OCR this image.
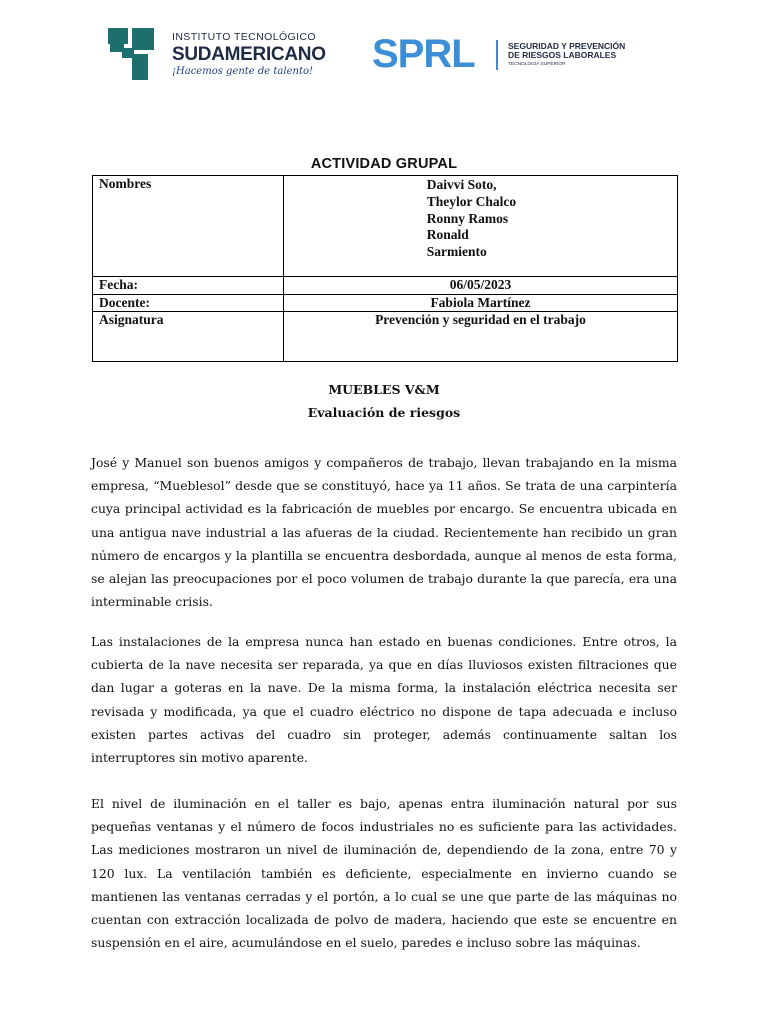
INSTITUTO TECNOLÓGICO
SUDAMERICANO
¡Hacemos gente de talento!	SPRL	SEGURIDAD Y PREVENCIÓN
DE RIESGOS LABORALES
TECNOLOGÍA SUPERIOR
ACTIVIDAD GRUPAL
Nombres	Daivvi Soto,
Theylor Chalco
Ronny Ramos
Ronald
Sarmiento

Fecha:	06/05/2023
Docente:	Fabiola Martínez
Asignatura	Prevención y seguridad en el trabajo
MUEBLES V&M
Evaluación de riesgos

José y Manuel son buenos amigos y compañeros de trabajo, llevan trabajando en la misma empresa, “Mueblesol” desde que se constituyó, hace ya 11 años. Se trata de una carpintería cuya principal actividad es la fabricación de muebles por encargo. Se encuentra ubicada en una antigua nave industrial a las afueras de la ciudad. Recientemente han recibido un gran número de encargos y la plantilla se encuentra desbordada, aunque al menos de esta forma, se alejan las preocupaciones por el poco volumen de trabajo durante la que parecía, era una interminable crisis.

Las instalaciones de la empresa nunca han estado en buenas condiciones. Entre otros, la cubierta de la nave necesita ser reparada, ya que en días lluviosos existen filtraciones que dan lugar a goteras en la nave. De la misma forma, la instalación eléctrica necesita ser revisada y modificada, ya que el cuadro eléctrico no dispone de tapa adecuada e incluso existen partes activas del cuadro sin proteger, además continuamente saltan los interruptores sin motivo aparente.

El nivel de iluminación en el taller es bajo, apenas entra iluminación natural por sus pequeñas ventanas y el número de focos industriales no es suficiente para las actividades. Las mediciones mostraron un nivel de iluminación de, dependiendo de la zona, entre 70 y 120 lux. La ventilación también es deficiente, especialmente en invierno cuando se mantienen las ventanas cerradas y el portón, a lo cual se une que parte de las máquinas no cuentan con extracción localizada de polvo de madera, haciendo que este se encuentre en suspensión en el aire, acumulándose en el suelo, paredes e incluso sobre las máquinas.
